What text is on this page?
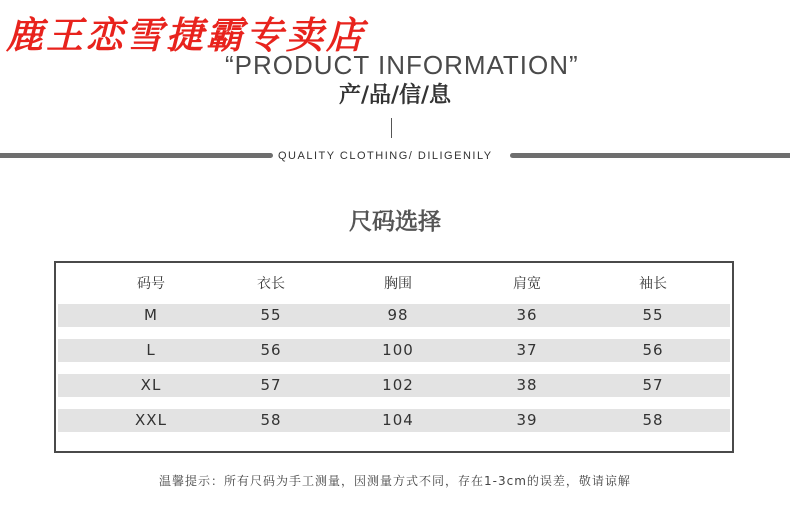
鹿王恋雪捷霸专卖店
“PRODUCT INFORMATION”
产/品/信/息
QUALITY CLOTHING/ DILIGENILY
尺码选择
码号	衣长	胸围	肩宽	袖长
M	55	98	36	55
L	56	100	37	56
XL	57	102	38	57
XXL	58	104	39	58
温馨提示：所有尺码为手工测量，因测量方式不同，存在1-3cm的误差，敬请谅解
